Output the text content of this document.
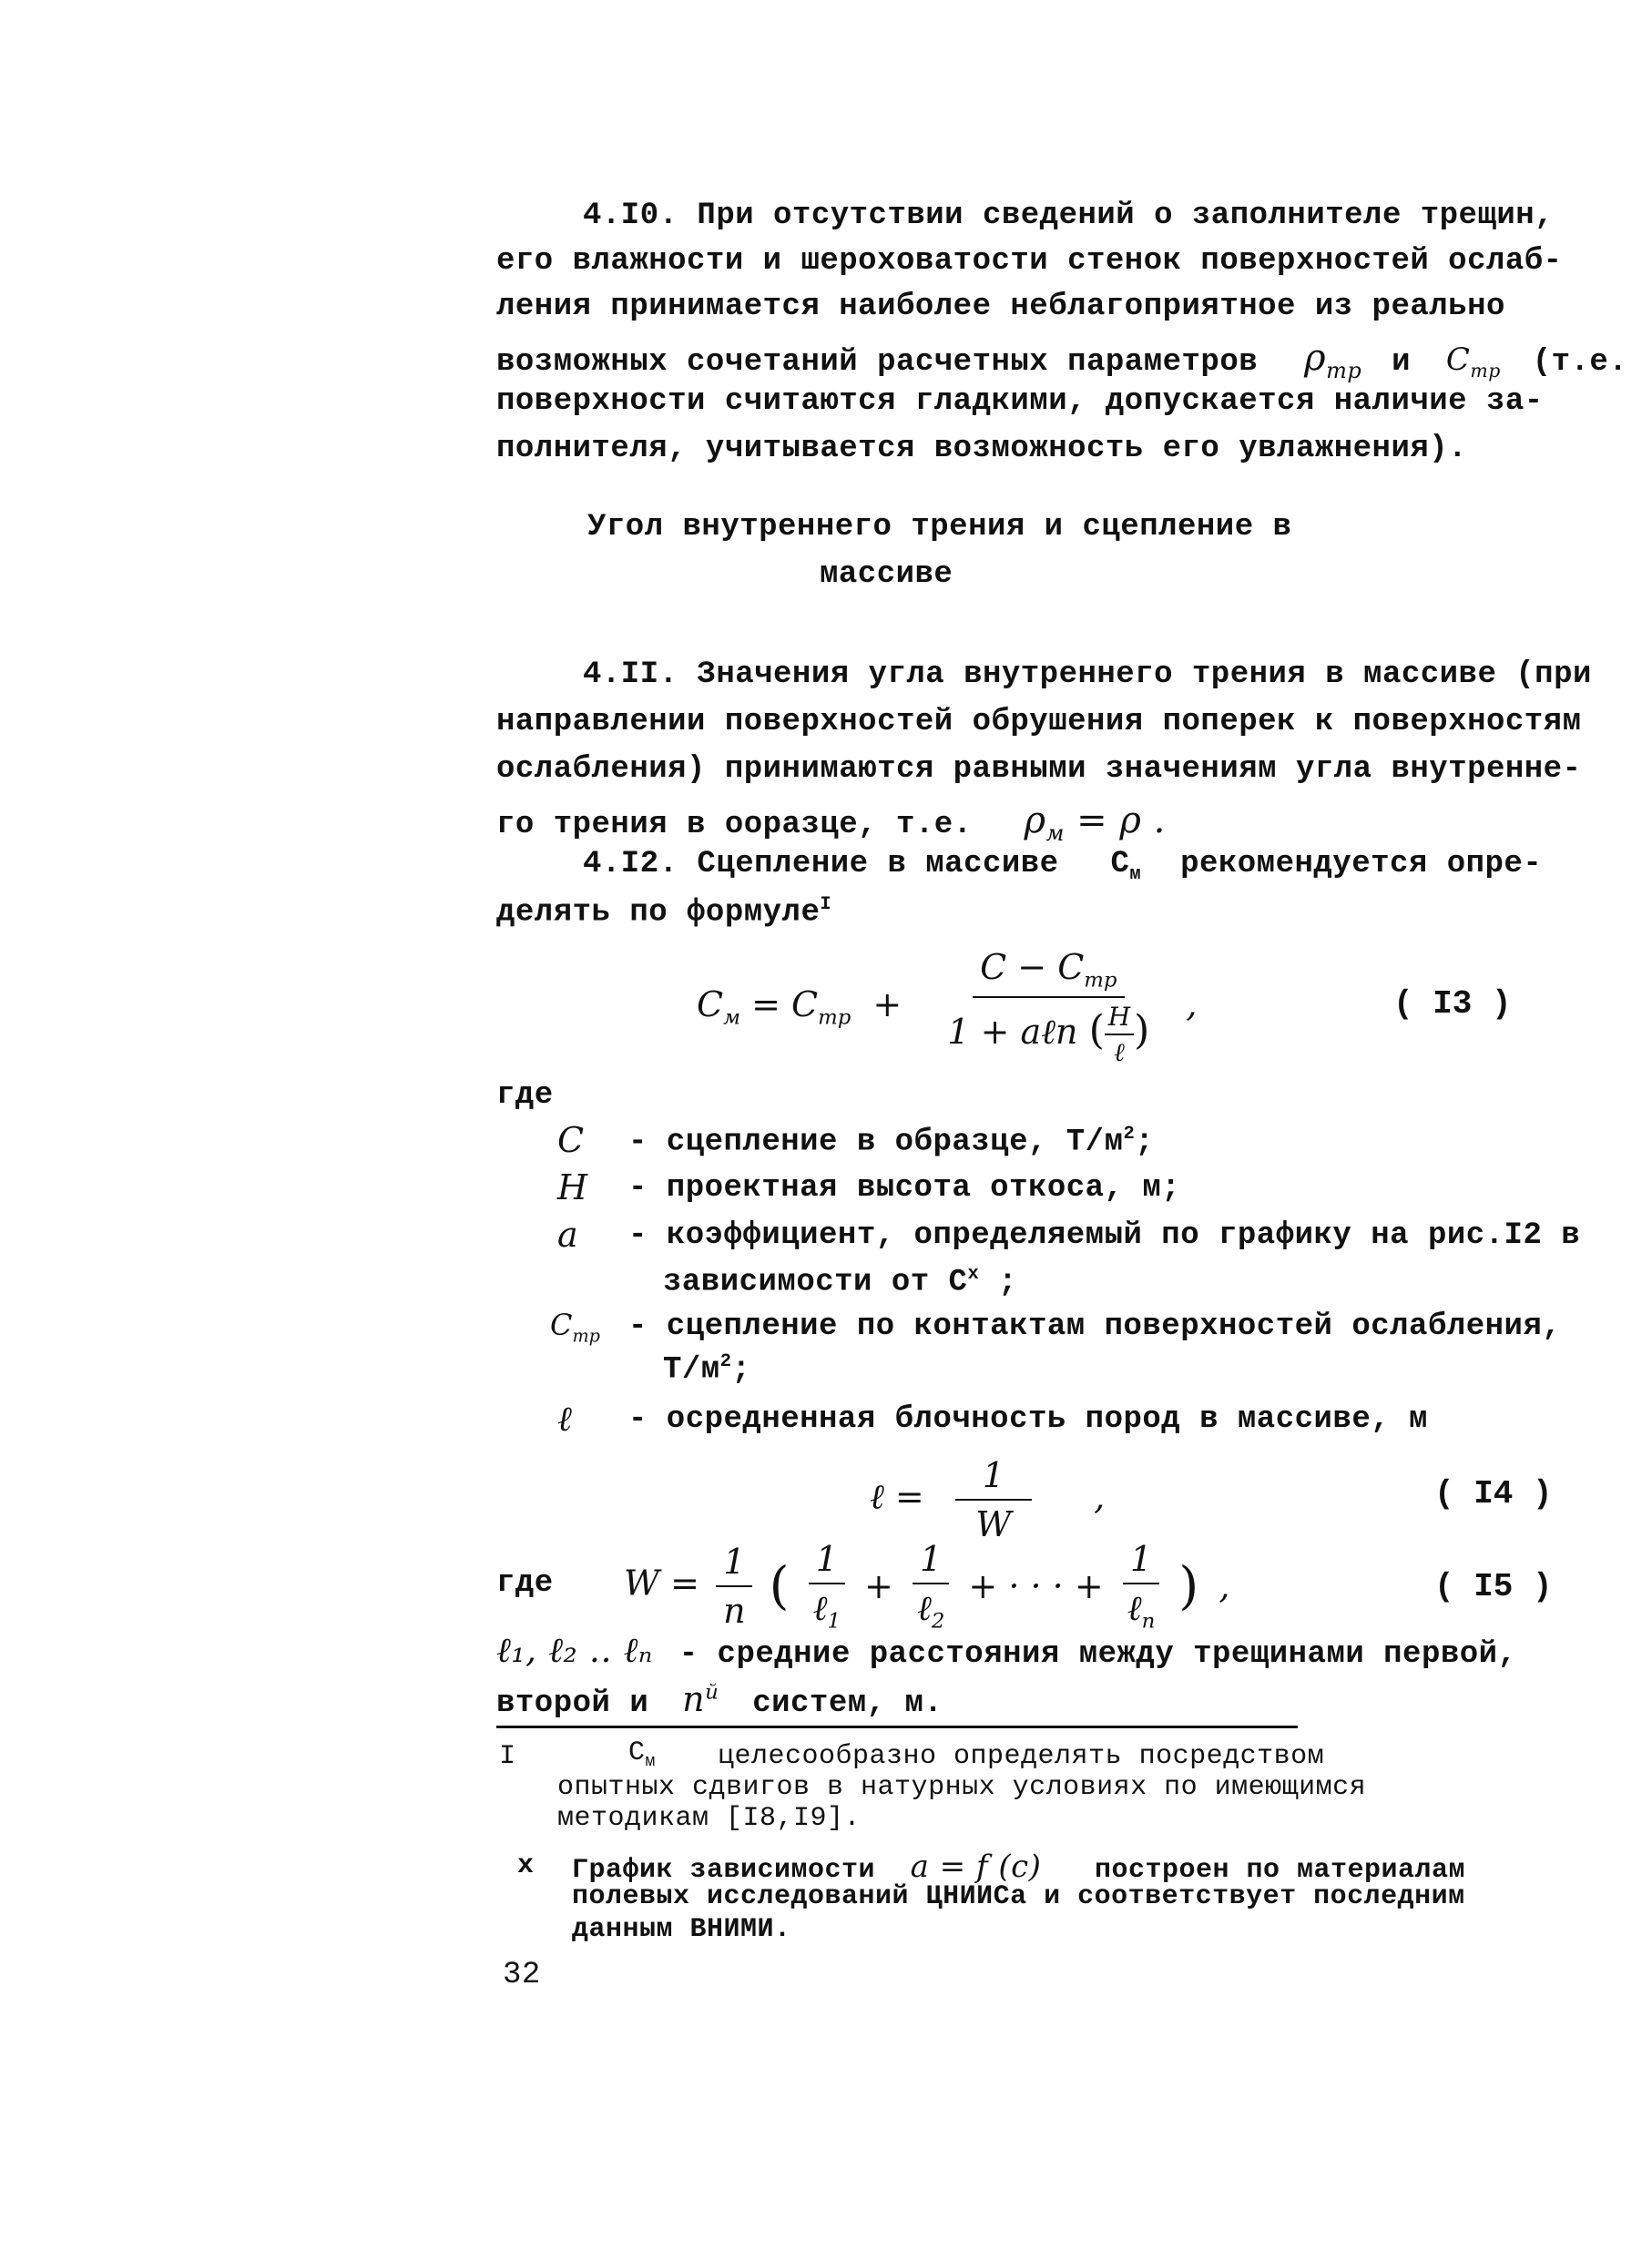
4.I0. При отсутствии сведений о заполнителе трещин,
его влажности и шероховатости стенок поверхностей ослаб-
ления принимается наиболее неблагоприятное из реально
возможных сочетаний расчетных параметров $\rho_{тр}$ и $C_{тр}$ (т.е.
поверхности считаются гладкими, допускается наличие за-
полнителя, учитывается возможность его увлажнения).
Угол внутреннего трения и сцепление в
массиве
4.II. Значения угла внутреннего трения в массиве (при
направлении поверхностей обрушения поперек к поверхностям
ослабления) принимаются равными значениям угла внутренне-
го трения в ооразце, т.е. $\rho_м = \rho$ .
4.I2. Сцепление в массиве $C_м$ рекомендуется опре-
делять по формуле$^I$
$C_м = C_{тр} + \frac{C - C_{тр}}{1 + a\ell n ( \frac{H}{\text{ℓ}} )}$ ,	( I3 )
где
C - сцепление в образце, $Т/м^2$;
H - проектная высота откоса, м;
a - коэффициент, определяемый по графику на рис.I2 в
зависимости от $С^x$ ;
$C_{тр}$ - сцепление по контактам поверхностей ослабления,
$Т/м^2$;
ℓ - осредненная блочность пород в массиве, м
ℓ = $\frac{1}{W}$ ,	( I4 )
где $W = \frac{1}{n}$ ( $\frac{1}{\ell_1} + \frac{1}{\ell_2}$ + · · · + $\frac{1}{\ell_n}$ ) ,	( I5 )
ℓ₁, ℓ₂ .. ℓₙ - средние расстояния между трещинами первой,
второй и $n^й$ систем, м.
I	$C_м$ целесообразно определять посредством
опытных сдвигов в натурных условиях по имеющимся
методикам [I8,I9].
x График зависимости a = f (c) построен по материалам
полевых исследований ЦНИИСа и соответствует последним
данным ВНИМИ.
32
